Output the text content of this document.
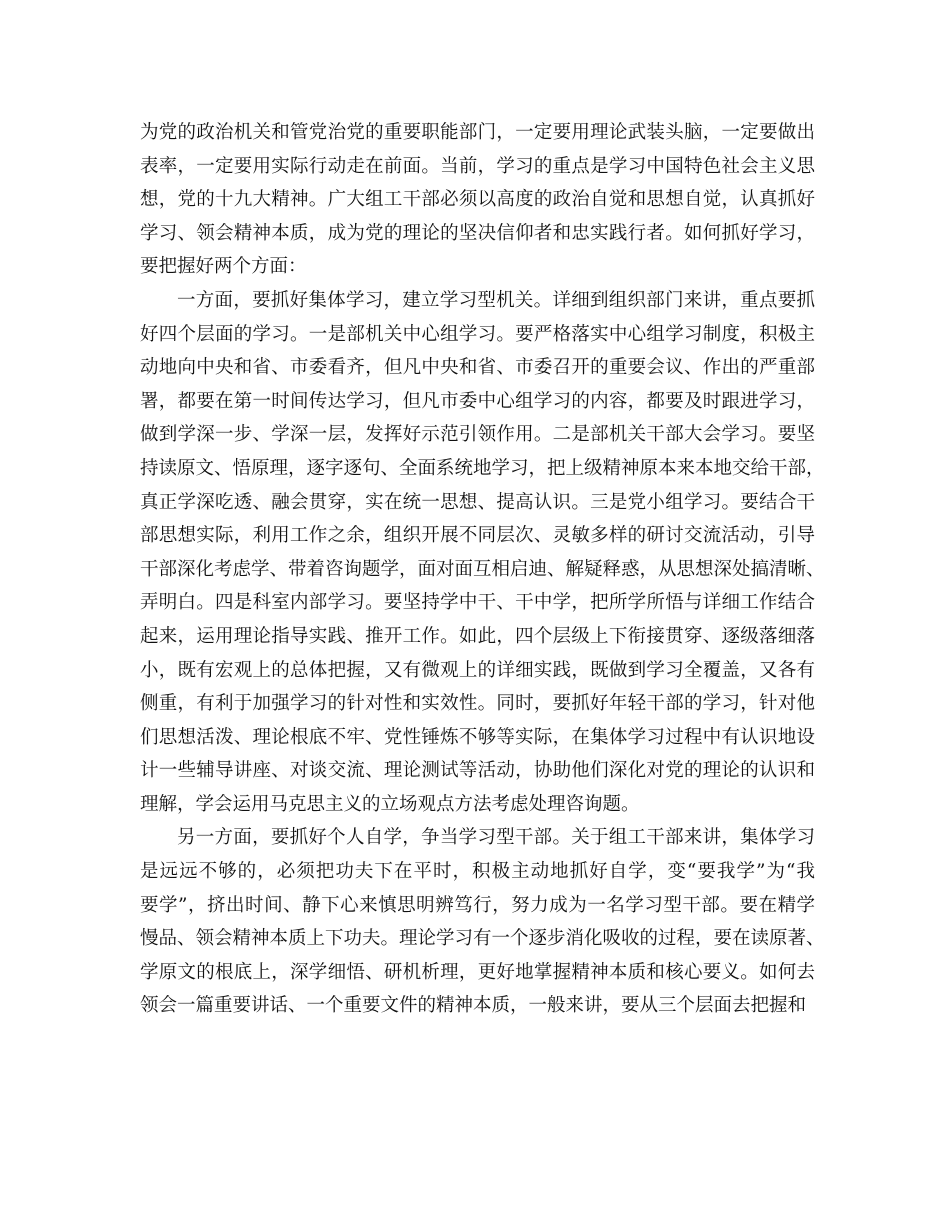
为党的政治机关和管党治党的重要职能部门，一定要用理论武装头脑，一定要做出
表率，一定要用实际行动走在前面。当前，学习的重点是学习中国特色社会主义思
想，党的十九大精神。广大组工干部必须以高度的政治自觉和思想自觉，认真抓好
学习、领会精神本质，成为党的理论的坚决信仰者和忠实践行者。如何抓好学习，
要把握好两个方面：
一方面，要抓好集体学习，建立学习型机关。详细到组织部门来讲，重点要抓
好四个层面的学习。一是部机关中心组学习。要严格落实中心组学习制度，积极主
动地向中央和省、市委看齐，但凡中央和省、市委召开的重要会议、作出的严重部
署，都要在第一时间传达学习，但凡市委中心组学习的内容，都要及时跟进学习，
做到学深一步、学深一层，发挥好示范引领作用。二是部机关干部大会学习。要坚
持读原文、悟原理，逐字逐句、全面系统地学习，把上级精神原本来本地交给干部，
真正学深吃透、融会贯穿，实在统一思想、提高认识。三是党小组学习。要结合干
部思想实际，利用工作之余，组织开展不同层次、灵敏多样的研讨交流活动，引导
干部深化考虑学、带着咨询题学，面对面互相启迪、解疑释惑，从思想深处搞清晰、
弄明白。四是科室内部学习。要坚持学中干、干中学，把所学所悟与详细工作结合
起来，运用理论指导实践、推开工作。如此，四个层级上下衔接贯穿、逐级落细落
小，既有宏观上的总体把握，又有微观上的详细实践，既做到学习全覆盖，又各有
侧重，有利于加强学习的针对性和实效性。同时，要抓好年轻干部的学习，针对他
们思想活泼、理论根底不牢、党性锤炼不够等实际，在集体学习过程中有认识地设
计一些辅导讲座、对谈交流、理论测试等活动，协助他们深化对党的理论的认识和
理解，学会运用马克思主义的立场观点方法考虑处理咨询题。
另一方面，要抓好个人自学，争当学习型干部。关于组工干部来讲，集体学习
是远远不够的，必须把功夫下在平时，积极主动地抓好自学，变“要我学”为“我
要学”，挤出时间、静下心来慎思明辨笃行，努力成为一名学习型干部。要在精学
慢品、领会精神本质上下功夫。理论学习有一个逐步消化吸收的过程，要在读原著、
学原文的根底上，深学细悟、研机析理，更好地掌握精神本质和核心要义。如何去
领会一篇重要讲话、一个重要文件的精神本质，一般来讲，要从三个层面去把握和
